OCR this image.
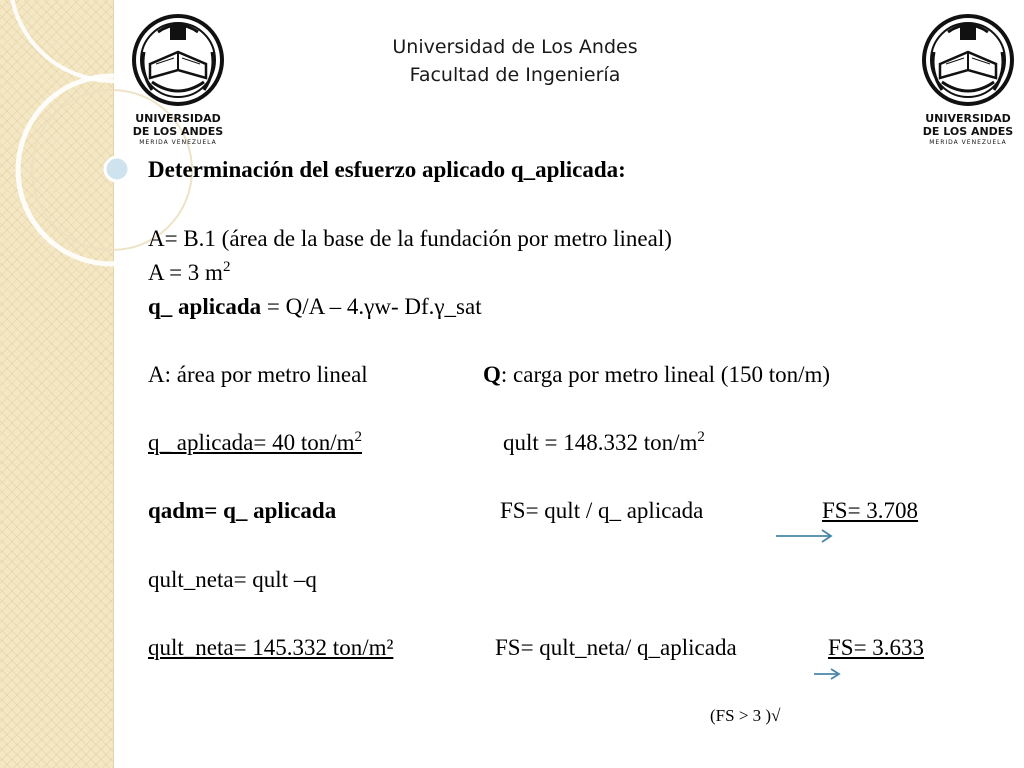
Universidad de Los Andes
Facultad de Ingeniería
UNIVERSIDAD
DE LOS ANDES
MERIDA VENEZUELA
UNIVERSIDAD
DE LOS ANDES
MERIDA VENEZUELA
Determinación del esfuerzo aplicado q_aplicada:
A= B.1 (área de la base de la fundación por metro lineal)
A = 3 $m^2$
q_ aplicada = Q/A – 4.γw- Df.γ_sat
A: área por metro lineal	Q: carga por metro lineal (150 ton/m)
q_ aplicada= 40 ton/$m^2$	qult = 148.332 ton/$m^2$
qadm= q_ aplicada	FS= qult / q_ aplicada	FS= 3.708
qult_neta= qult –q
qult_neta= 145.332 ton/m²	FS= qult_neta/ q_aplicada	FS= 3.633
(FS > 3 )√
